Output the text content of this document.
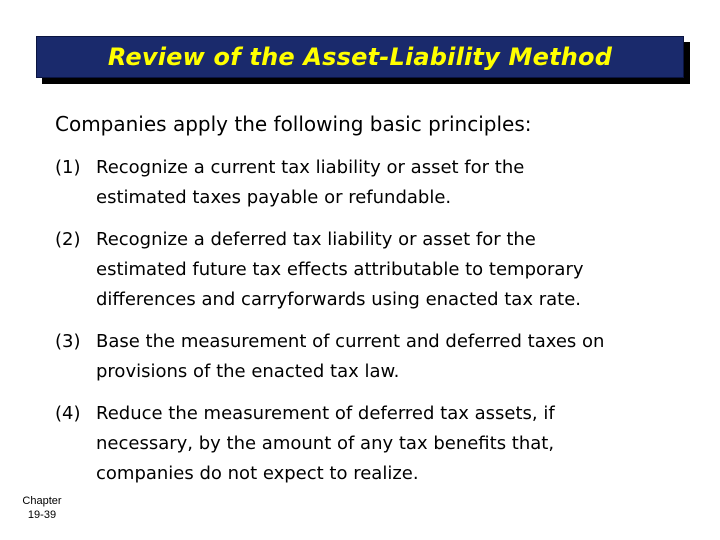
Review of the Asset-Liability Method
Companies apply the following basic principles:
(1) Recognize a current tax liability or asset for the
estimated taxes payable or refundable.
(2) Recognize a deferred tax liability or asset for the
estimated future tax effects attributable to temporary
differences and carryforwards using enacted tax rate.
(3) Base the measurement of current and deferred taxes on
provisions of the enacted tax law.
(4) Reduce the measurement of deferred tax assets, if
necessary, by the amount of any tax benefits that,
companies do not expect to realize.
Chapter
19-39
